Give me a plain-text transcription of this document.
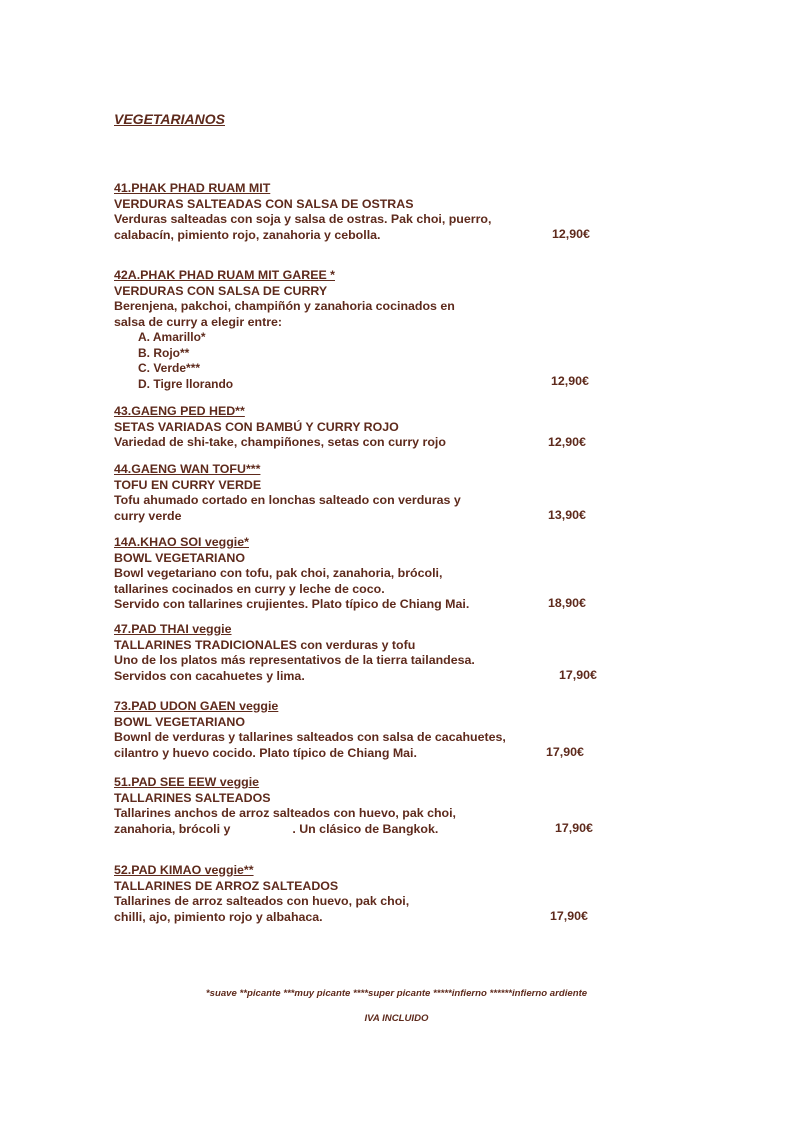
VEGETARIANOS
41.PHAK PHAD RUAM MIT
VERDURAS SALTEADAS CON SALSA DE OSTRAS
Verduras salteadas con soja y salsa de ostras. Pak choi, puerro,
calabacín, pimiento rojo, zanahoria y cebolla.	12,90€
42A.PHAK PHAD RUAM MIT GAREE *
VERDURAS CON SALSA DE CURRY
Berenjena, pakchoi, champiñón y zanahoria cocinados en
salsa de curry a elegir entre:
A. Amarillo*
B. Rojo**
C. Verde***
D. Tigre llorando	12,90€
43.GAENG PED HED**
SETAS VARIADAS CON BAMBÚ Y CURRY ROJO
Variedad de shi-take, champiñones, setas con curry rojo	12,90€
44.GAENG WAN TOFU***
TOFU EN CURRY VERDE
Tofu ahumado cortado en lonchas salteado con verduras y
curry verde	13,90€
14A.KHAO SOI veggie*
BOWL VEGETARIANO
Bowl vegetariano con tofu, pak choi, zanahoria, brócoli,
tallarines cocinados en curry y leche de coco.
Servido con tallarines crujientes. Plato típico de Chiang Mai.	18,90€
47.PAD THAI veggie
TALLARINES TRADICIONALES con verduras y tofu
Uno de los platos más representativos de la tierra tailandesa.
Servidos con cacahuetes y lima.	17,90€
73.PAD UDON GAEN veggie
BOWL VEGETARIANO
Bownl de verduras y tallarines salteados con salsa de cacahuetes,
cilantro y huevo cocido. Plato típico de Chiang Mai.	17,90€
51.PAD SEE EEW veggie
TALLARINES SALTEADOS
Tallarines anchos de arroz salteados con huevo, pak choi,
zanahoria, brócoli y                  . Un clásico de Bangkok.	17,90€
52.PAD KIMAO veggie**
TALLARINES DE ARROZ SALTEADOS
Tallarines de arroz salteados con huevo, pak choi,
chilli, ajo, pimiento rojo y albahaca.	17,90€
*suave **picante ***muy picante ****super picante *****infierno ******infierno ardiente
IVA INCLUIDO
